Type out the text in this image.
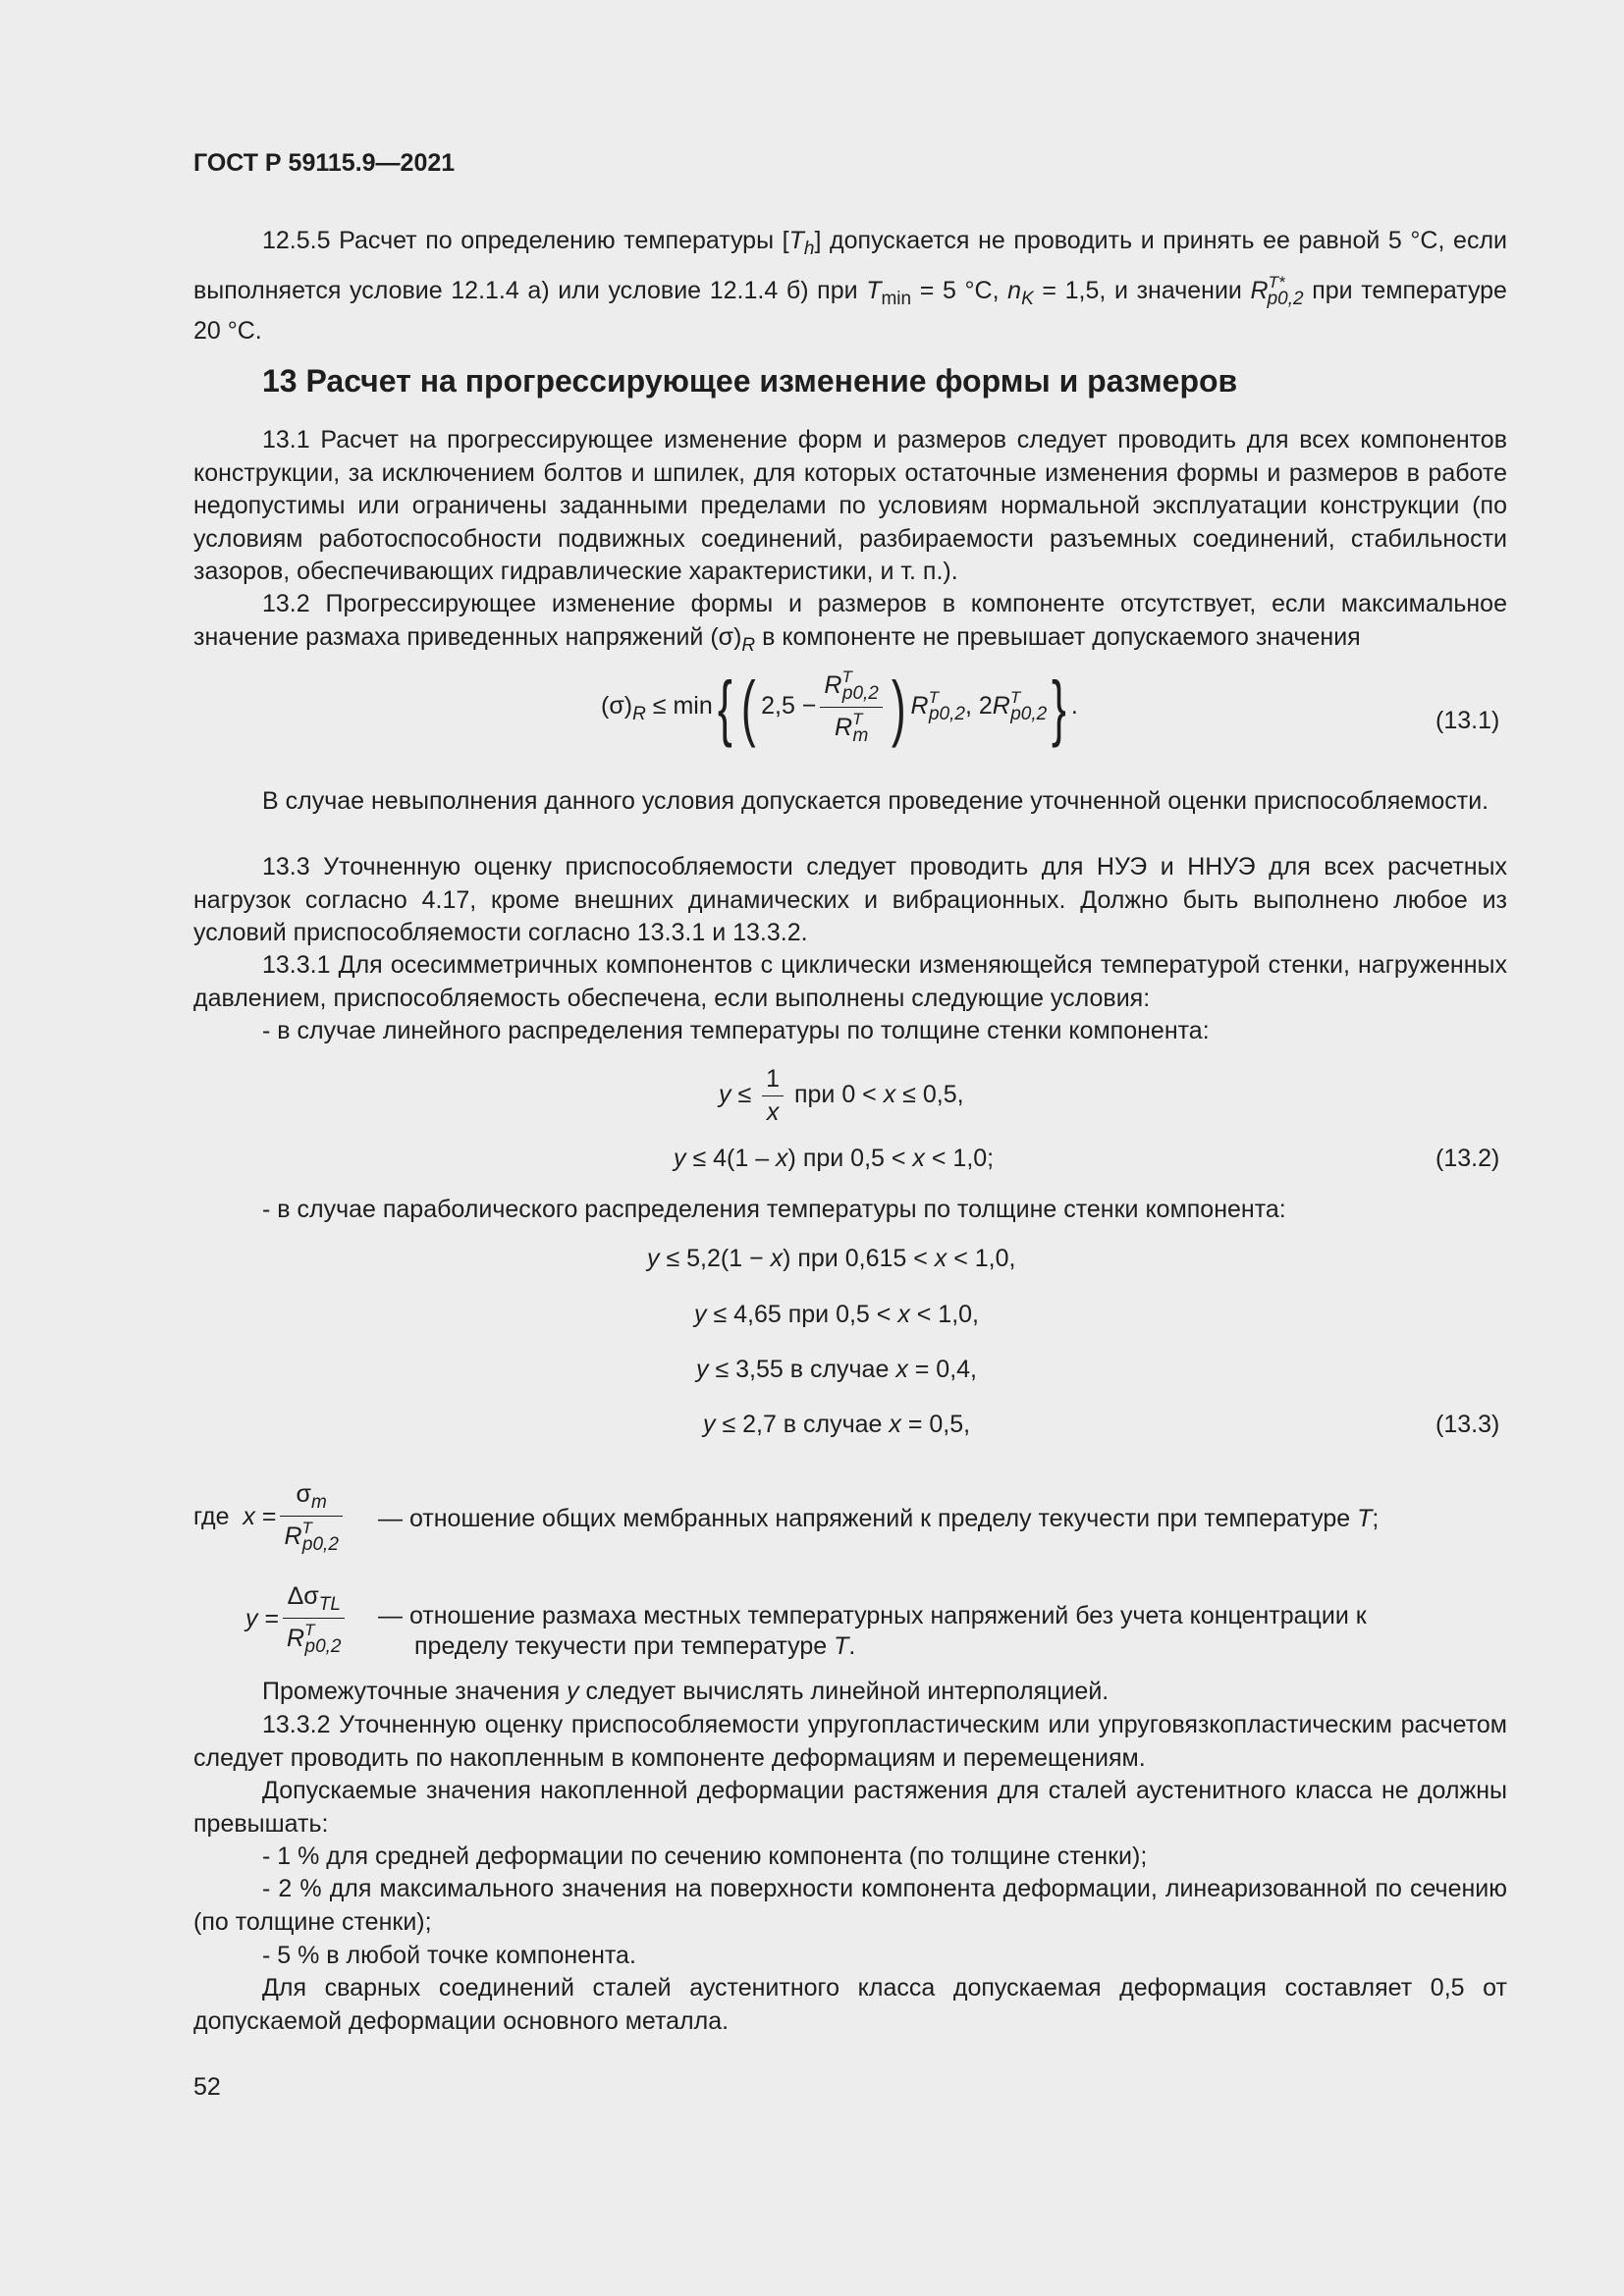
ГОСТ Р 59115.9—2021
12.5.5 Расчет по определению температуры $[T_h]$ допускается не проводить и принять ее равной 5 °С, если выполняется условие 12.1.4 а) или условие 12.1.4 б) при $T_{min} = 5$ °С, $n_K = 1,5$, и значении $R^{T*}_{p0,2}$ при температуре 20 °С.
13 Расчет на прогрессирующее изменение формы и размеров
13.1 Расчет на прогрессирующее изменение форм и размеров следует проводить для всех компонентов конструкции, за исключением болтов и шпилек, для которых остаточные изменения формы и размеров в работе недопустимы или ограничены заданными пределами по условиям нормальной эксплуатации конструкции (по условиям работоспособности подвижных соединений, разбираемости разъемных соединений, стабильности зазоров, обеспечивающих гидравлические характеристики, и т. п.).
13.2 Прогрессирующее изменение формы и размеров в компоненте отсутствует, если максимальное значение размаха приведенных напряжений $(\sigma)_R$ в компоненте не превышает допускаемого значения
$(\sigma)_R \le \min${ ( $2,5 - \frac{R^T_{p0,2}}{R^T_m}$ ) $R^T_{p0,2}$, $2R^T_{p0,2}$} .
(13.1)
В случае невыполнения данного условия допускается проведение уточненной оценки приспособляемости.
13.3 Уточненную оценку приспособляемости следует проводить для НУЭ и ННУЭ для всех расчетных нагрузок согласно 4.17, кроме внешних динамических и вибрационных. Должно быть выполнено любое из условий приспособляемости согласно 13.3.1 и 13.3.2.
13.3.1 Для осесимметричных компонентов с циклически изменяющейся температурой стенки, нагруженных давлением, приспособляемость обеспечена, если выполнены следующие условия:
- в случае линейного распределения температуры по толщине стенки компонента:
$y \le \frac{1}{x}$ при 0 < x ≤ 0,5,
y ≤ 4(1 – x) при 0,5 < x < 1,0;	(13.2)
- в случае параболического распределения температуры по толщине стенки компонента:
y ≤ 5,2(1 − x) при 0,615 < x < 1,0,
y ≤ 4,65 при 0,5 < x < 1,0,
y ≤ 3,55 в случае x = 0,4,
y ≤ 2,7 в случае x = 0,5,	(13.3)
где $x = \frac{\sigma_m}{R^T_{p0,2}}$ — отношение общих мембранных напряжений к пределу текучести при температуре T;
$y = \frac{\Delta\sigma_{TL}}{R^T_{p0,2}}$ — отношение размаха местных температурных напряжений без учета концентрации к
пределу текучести при температуре T.
Промежуточные значения y следует вычислять линейной интерполяцией.
13.3.2 Уточненную оценку приспособляемости упругопластическим или упруговязкопластическим расчетом следует проводить по накопленным в компоненте деформациям и перемещениям.
Допускаемые значения накопленной деформации растяжения для сталей аустенитного класса не должны превышать:
- 1 % для средней деформации по сечению компонента (по толщине стенки);
- 2 % для максимального значения на поверхности компонента деформации, линеаризованной по сечению (по толщине стенки);
- 5 % в любой точке компонента.
Для сварных соединений сталей аустенитного класса допускаемая деформация составляет 0,5 от допускаемой деформации основного металла.
52
